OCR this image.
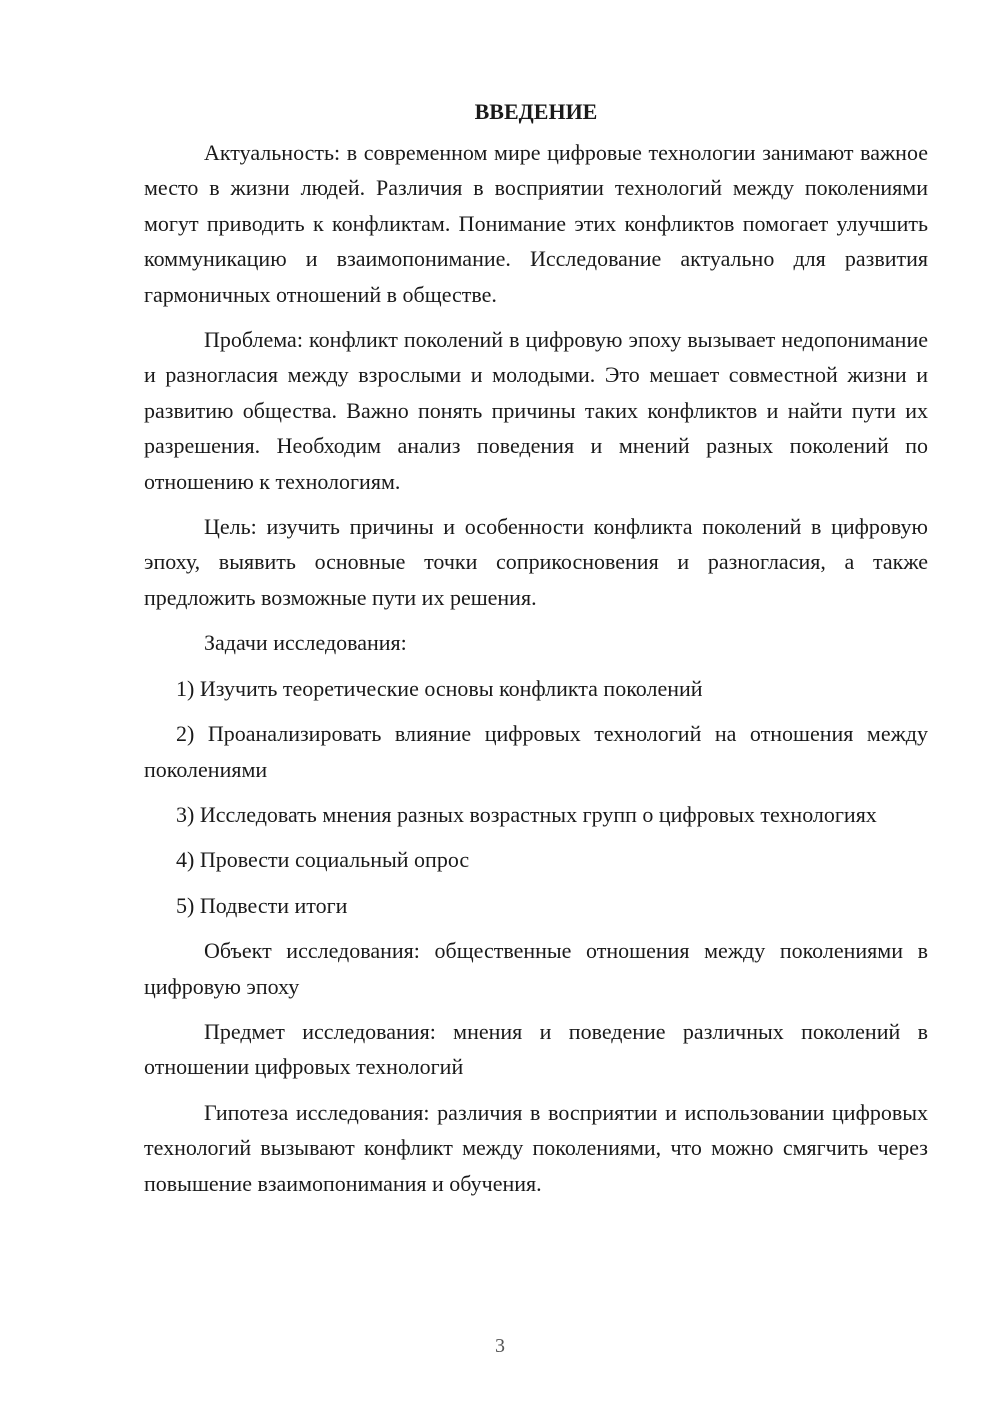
ВВЕДЕНИЕ

Актуальность: в современном мире цифровые технологии занимают важное место в жизни людей. Различия в восприятии технологий между поколениями могут приводить к конфликтам. Понимание этих конфликтов помогает улучшить коммуникацию и взаимопонимание. Исследование актуально для развития гармоничных отношений в обществе.

Проблема: конфликт поколений в цифровую эпоху вызывает недопонимание и разногласия между взрослыми и молодыми. Это мешает совместной жизни и развитию общества. Важно понять причины таких конфликтов и найти пути их разрешения. Необходим анализ поведения и мнений разных поколений по отношению к технологиям.

Цель: изучить причины и особенности конфликта поколений в цифровую эпоху, выявить основные точки соприкосновения и разногласия, а также предложить возможные пути их решения.

Задачи исследования:

1) Изучить теоретические основы конфликта поколений

2) Проанализировать влияние цифровых технологий на отношения между поколениями

3) Исследовать мнения разных возрастных групп о цифровых технологиях

4) Провести социальный опрос

5) Подвести итоги

Объект исследования: общественные отношения между поколениями в цифровую эпоху

Предмет исследования: мнения и поведение различных поколений в отношении цифровых технологий

Гипотеза исследования: различия в восприятии и использовании цифровых технологий вызывают конфликт между поколениями, что можно смягчить через повышение взаимопонимания и обучения.

3
